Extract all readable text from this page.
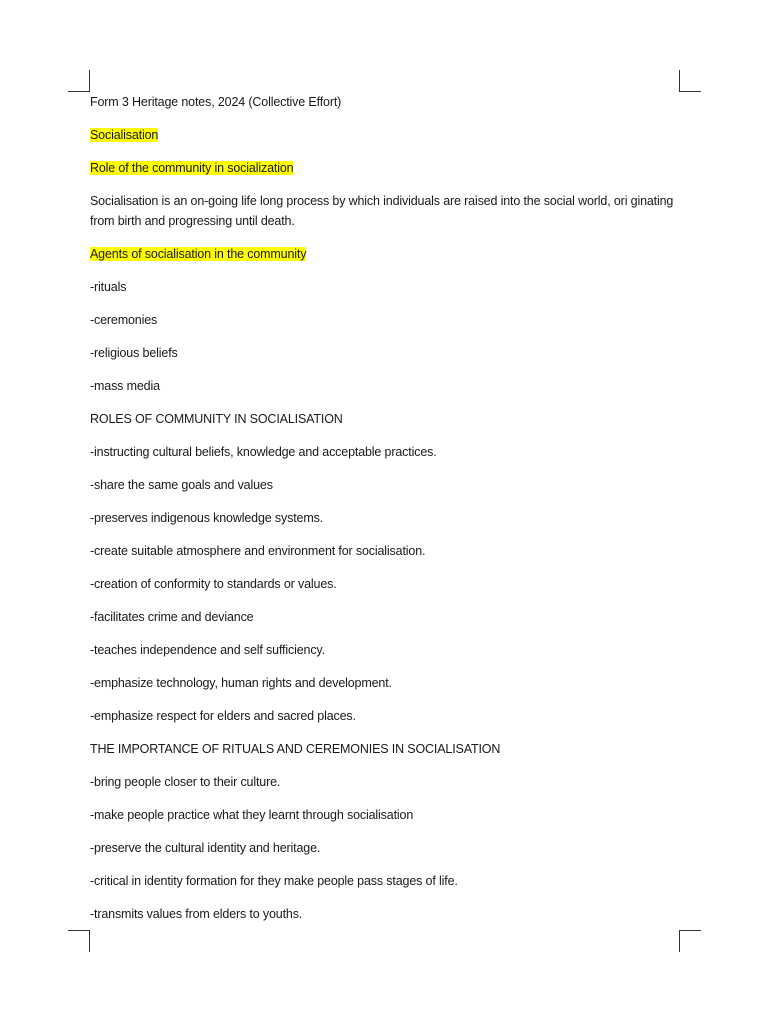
Form 3 Heritage notes, 2024 (Collective Effort)
Socialisation
Role of the community in socialization
Socialisation is an on-going life long process by which individuals are raised into the social world, ori ginating from birth and progressing until death.
Agents of socialisation in the community
-rituals
-ceremonies
-religious beliefs
-mass media
ROLES OF COMMUNITY IN SOCIALISATION
-instructing cultural beliefs, knowledge and acceptable practices.
-share the same goals and values
-preserves indigenous knowledge systems.
-create suitable atmosphere and environment for socialisation.
-creation of conformity to standards or values.
-facilitates crime and deviance
-teaches independence and self sufficiency.
-emphasize technology, human rights and development.
-emphasize respect for elders and sacred places.
THE IMPORTANCE OF RITUALS AND CEREMONIES IN SOCIALISATION
-bring people closer to their culture.
-make people practice what they learnt through socialisation
-preserve the cultural identity and heritage.
-critical in identity formation for they make people pass stages of life.
-transmits values from elders to youths.
